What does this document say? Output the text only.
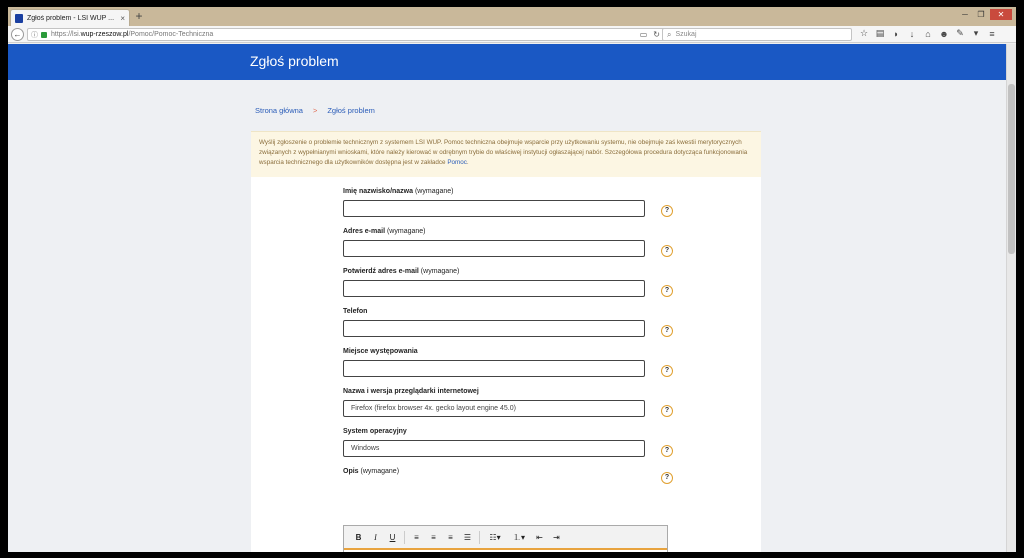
Zgłoś problem - LSI WUP ... × +	─	❐	✕
←	ⓘ https://lsi.wup-rzeszow.pl/Pomoc/Pomoc-Techniczna	▭ ↻ ⌕ Szukaj	☆ ▤	◗	↓	⌂ ☻ ✎	▾	≡
Zgłoś problem
Strona główna > Zgłoś problem
Wyślij zgłoszenie o problemie technicznym z systemem LSI WUP. Pomoc techniczna obejmuje wsparcie przy użytkowaniu systemu, nie obejmuje zaś kwestii merytorycznych związanych z wypełnianymi wnioskami, które należy kierować w odrębnym trybie do właściwej instytucji ogłaszającej nabór. Szczegółowa procedura dotycząca funkcjonowania wsparcia technicznego dla użytkowników dostępna jest w zakładce Pomoc.
Imię nazwisko/nazwa (wymagane)
?
Adres e-mail (wymagane)
?
Potwierdź adres e-mail (wymagane)
?
Telefon
?
Miejsce występowania
?
Nazwa i wersja przeglądarki internetowej
Firefox (firefox browser 4x. gecko layout engine 45.0)	?
System operacyjny
Windows	?
Opis (wymagane)
?
B	I	U	≡	≡	≡	☰	☷▾	⒈▾	⇤	⇥
